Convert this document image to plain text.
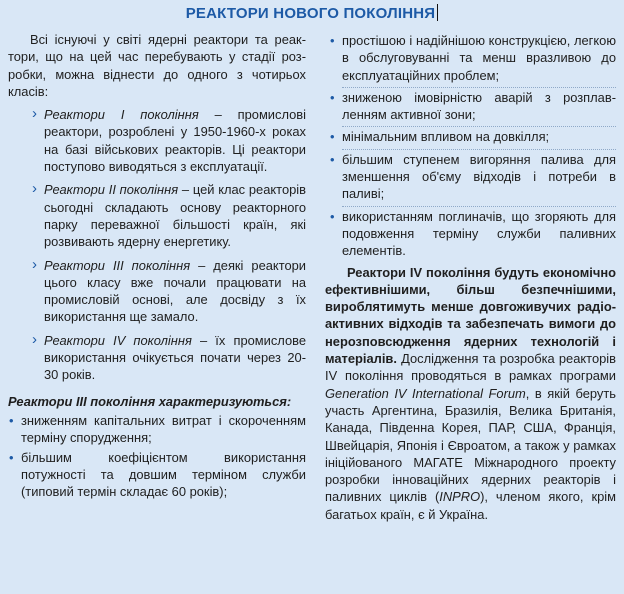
РЕАКТОРИ НОВОГО ПОКОЛІННЯ

Всі існуючі у світі ядерні реактори та реактори, що на цей час перебувають у стадії розробки, можна віднести до одного з чотирьох класів:

› Реактори І покоління – промислові реактори, розроблені у 1950-1960-х роках на базі військових реакторів. Ці реактори поступово виводяться з експлуатації.
› Реактори ІІ покоління – цей клас реакторів сьогодні складають основу реакторного парку переважної більшості країн, які розвивають ядерну енергетику.
› Реактори ІІІ покоління – деякі реактори цього класу вже почали працювати на промисловій основі, але досвіду з їх використання ще замало.
› Реактори IV покоління – їх промислове використання очікується почати через 20-30 років.

Реактори ІІІ покоління характеризуються:

• зниженням капітальних витрат і скороченням терміну спорудження;
• більшим коефіцієнтом використання потужності та довшим терміном служби (типовий термін складає 60 років);
• простішою і надійнішою конструкцією, легкою в обслуговуванні та менш вразливою до експлуатаційних проблем;
• зниженою імовірністю аварій з розплавленням активної зони;
• мінімальним впливом на довкілля;
• більшим ступенем вигоряння палива для зменшення об'єму відходів і потреби в паливі;
• використанням поглиначів, що згоряють для подовження терміну служби паливних елементів.

Реактори IV покоління будуть економічно ефективнішими, більш безпечнішими, вироблятимуть менше довгоживучих радіоактивних відходів та забезпечать вимоги до нерозповсюдження ядерних технологій і матеріалів. Дослідження та розробка реакторів IV покоління проводяться в рамках програми Generation IV International Forum, в якій беруть участь Аргентина, Бразилія, Велика Британія, Канада, Південна Корея, ПАР, США, Франція, Швейцарія, Японія і Євроатом, а також у рамках ініційованого МАГАТЕ Міжнародного проекту розробки інноваційних ядерних реакторів і паливних циклів (INPRO), членом якого, крім багатьох країн, є й Україна.
